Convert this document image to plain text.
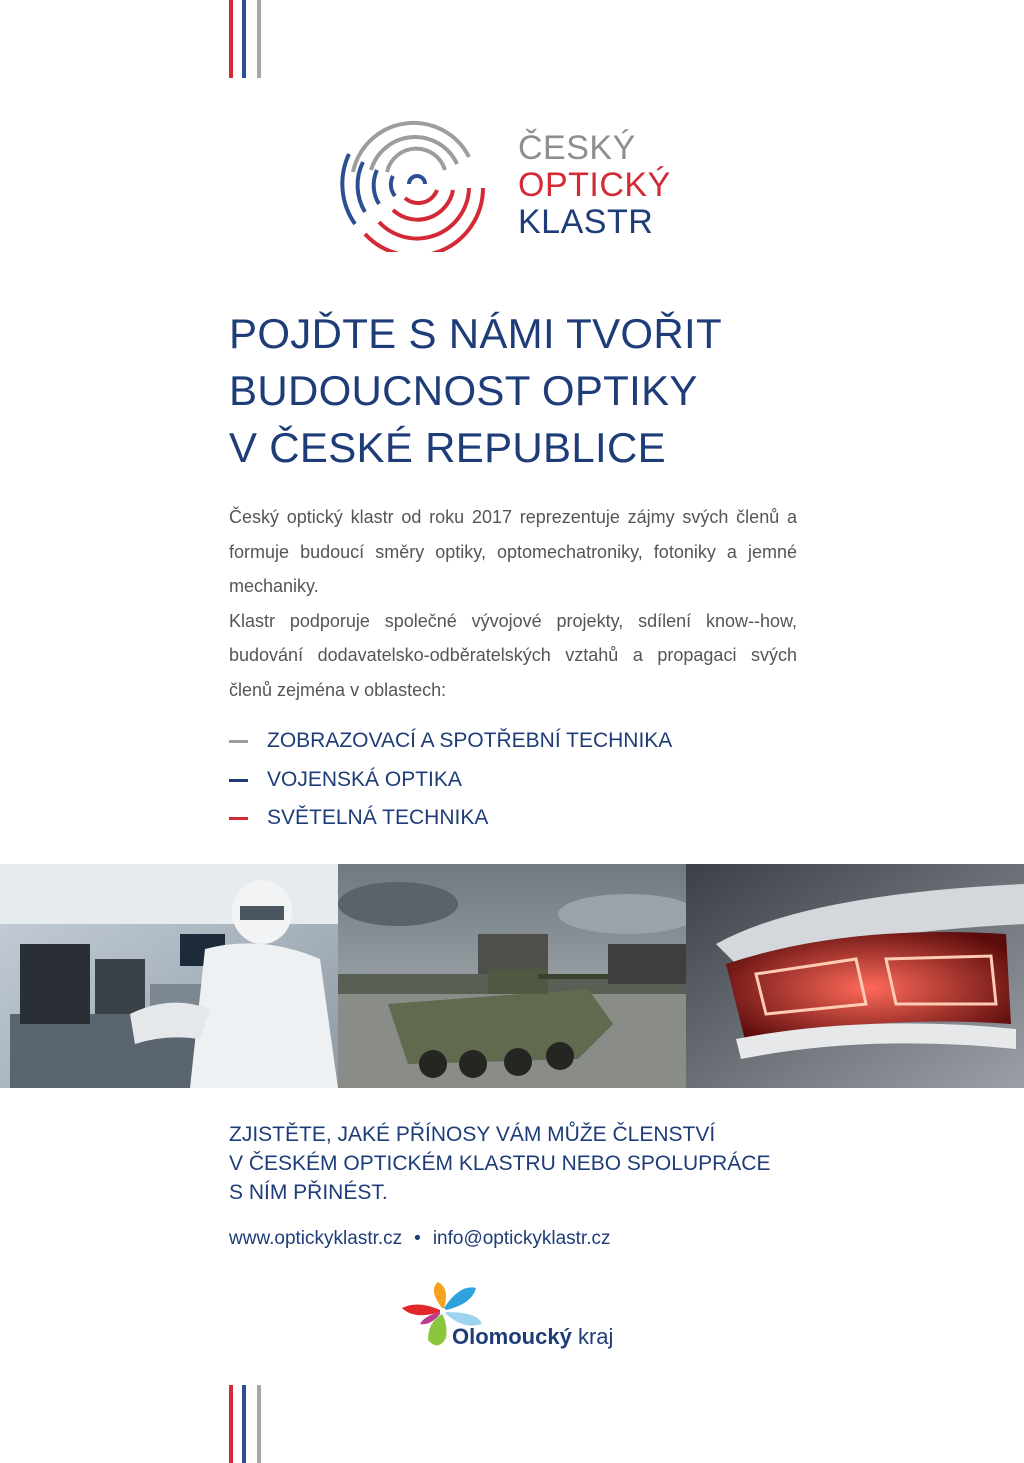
ČESKÝ
OPTICKÝ
KLASTR
POJĎTE S NÁMI TVOŘIT
BUDOUCNOST OPTIKY
V ČESKÉ REPUBLICE

Český optický klastr od roku 2017 reprezentuje zájmy svých členů a formuje budoucí směry optiky, optomechatroniky, fotoniky a jemné mechaniky.

Klastr podporuje společné vývojové projekty, sdílení know--how, budování dodavatelsko-odběratelských vztahů a propagaci svých členů zejména v oblastech:

ZOBRAZOVACÍ A SPOTŘEBNÍ TECHNIKA
VOJENSKÁ OPTIKA
SVĚTELNÁ TECHNIKA

ZJISTĚTE, JAKÉ PŘÍNOSY VÁM MŮŽE ČLENSTVÍ
V ČESKÉM OPTICKÉM KLASTRU NEBO SPOLUPRÁCE
S NÍM PŘINÉST.

www.optickyklastr.cz • info@optickyklastr.cz
Olomoucký kraj
